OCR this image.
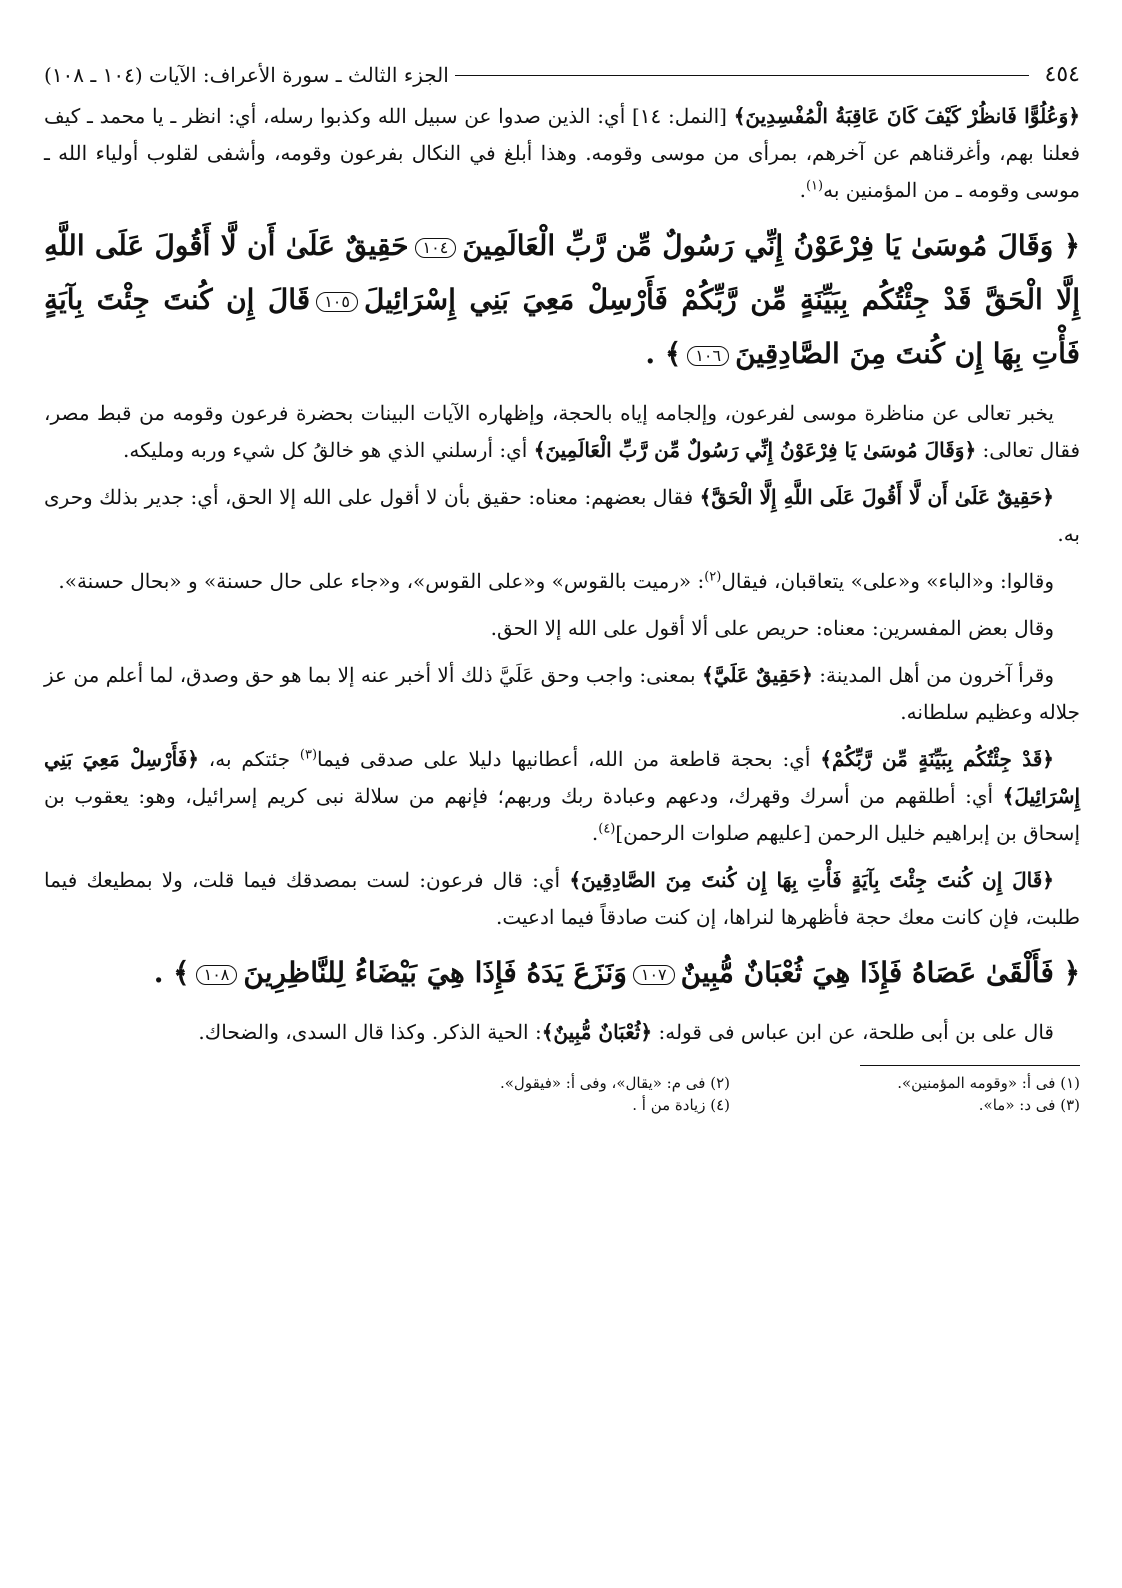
٤٥٤
الجزء الثالث ـ سورة الأعراف: الآيات (١٠٤ ـ ١٠٨)

﴿وَعُلُوًّا فَانظُرْ كَيْفَ كَانَ عَاقِبَةُ الْمُفْسِدِينَ﴾ [النمل: ١٤] أي: الذين صدوا عن سبيل الله وكذبوا رسله، أي: انظر ـ يا محمد ـ كيف فعلنا بهم، وأغرقناهم عن آخرهم، بمرأى من موسى وقومه. وهذا أبلغ في النكال بفرعون وقومه، وأشفى لقلوب أولياء الله ـ موسى وقومه ـ من المؤمنين به$^{(١)}$.

﴿ وَقَالَ مُوسَىٰ يَا فِرْعَوْنُ إِنِّي رَسُولٌ مِّن رَّبِّ الْعَالَمِينَ١٠٤حَقِيقٌ عَلَىٰ أَن لَّا أَقُولَ عَلَى اللَّهِ إِلَّا الْحَقَّ قَدْ جِئْتُكُم بِبَيِّنَةٍ مِّن رَّبِّكُمْ فَأَرْسِلْ مَعِيَ بَنِي إِسْرَائِيلَ١٠٥قَالَ إِن كُنتَ جِئْتَ بِآيَةٍ فَأْتِ بِهَا إِن كُنتَ مِنَ الصَّادِقِينَ١٠٦﴾ .

يخبر تعالى عن مناظرة موسى لفرعون، وإلجامه إياه بالحجة، وإظهاره الآيات البينات بحضرة فرعون وقومه من قبط مصر، فقال تعالى: ﴿وَقَالَ مُوسَىٰ يَا فِرْعَوْنُ إِنِّي رَسُولٌ مِّن رَّبِّ الْعَالَمِينَ﴾ أي: أرسلني الذي هو خالقُ كل شيء وربه ومليكه.

﴿حَقِيقٌ عَلَىٰ أَن لَّا أَقُولَ عَلَى اللَّهِ إِلَّا الْحَقَّ﴾ فقال بعضهم: معناه: حقيق بأن لا أقول على الله إلا الحق، أي: جدير بذلك وحرى به.

وقالوا: و«الباء» و«على» يتعاقبان، فيقال$^{(٢)}$: «رميت بالقوس» و«على القوس»، و«جاء على حال حسنة» و «بحال حسنة».

وقال بعض المفسرين: معناه: حريص على ألا أقول على الله إلا الحق.

وقرأ آخرون من أهل المدينة: ﴿حَقِيقٌ عَلَيَّ﴾ بمعنى: واجب وحق عَلَيَّ ذلك ألا أخبر عنه إلا بما هو حق وصدق، لما أعلم من عز جلاله وعظيم سلطانه.

﴿قَدْ جِئْتُكُم بِبَيِّنَةٍ مِّن رَّبِّكُمْ﴾ أي: بحجة قاطعة من الله، أعطانيها دليلا على صدقى فيما$^{(٣)}$ جئتكم به، ﴿فَأَرْسِلْ مَعِيَ بَنِي إِسْرَائِيلَ﴾ أي: أطلقهم من أسرك وقهرك، ودعهم وعبادة ربك وربهم؛ فإنهم من سلالة نبى كريم إسرائيل، وهو: يعقوب بن إسحاق بن إبراهيم خليل الرحمن [عليهم صلوات الرحمن]$^{(٤)}$.

﴿قَالَ إِن كُنتَ جِئْتَ بِآيَةٍ فَأْتِ بِهَا إِن كُنتَ مِنَ الصَّادِقِينَ﴾ أي: قال فرعون: لست بمصدقك فيما قلت، ولا بمطيعك فيما طلبت، فإن كانت معك حجة فأظهرها لنراها، إن كنت صادقاً فيما ادعيت.

﴿ فَأَلْقَىٰ عَصَاهُ فَإِذَا هِيَ ثُعْبَانٌ مُّبِينٌ١٠٧وَنَزَعَ يَدَهُ فَإِذَا هِيَ بَيْضَاءُ لِلنَّاظِرِينَ١٠٨﴾ .

قال على بن أبى طلحة، عن ابن عباس فى قوله: ﴿ثُعْبَانٌ مُّبِينٌ﴾: الحية الذكر. وكذا قال السدى، والضحاك.

(١) فى أ: «وقومه المؤمنين».
(٢) فى م: «يقال»، وفى أ: «فيقول».
(٣) فى د: «ما».
(٤) زيادة من أ .
